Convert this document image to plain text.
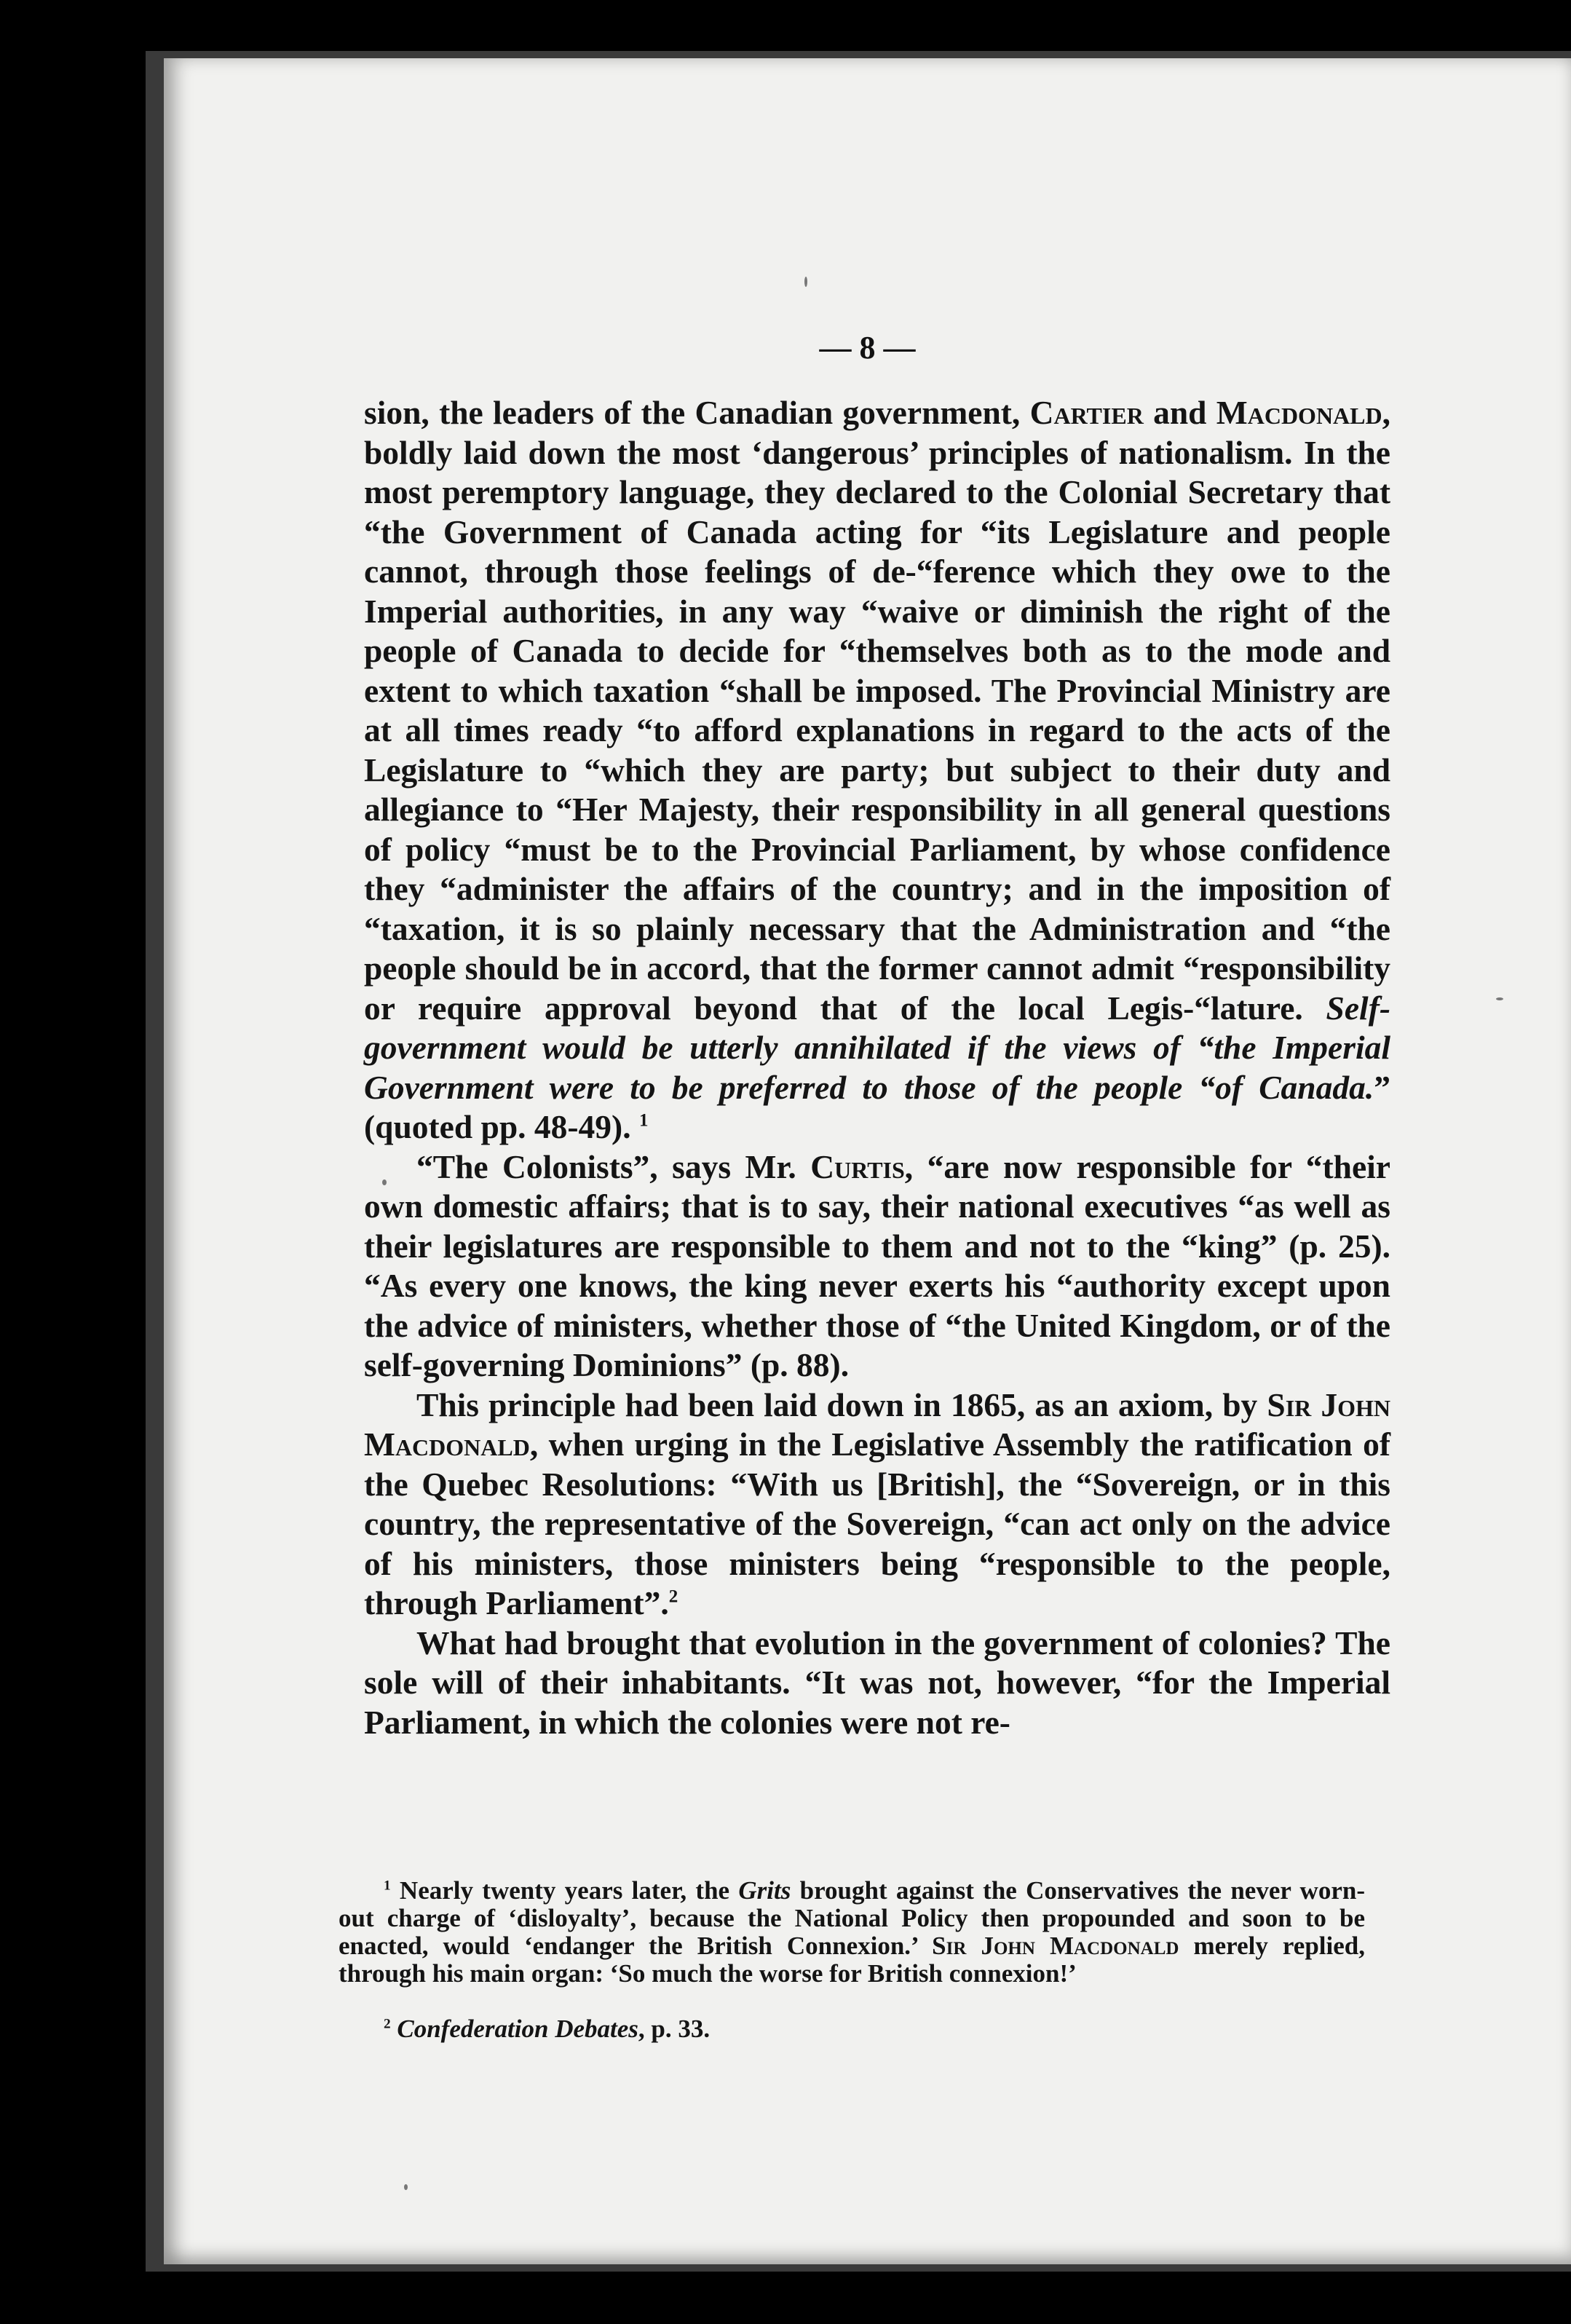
— 8 —

sion, the leaders of the Canadian government, Cartier and Macdonald, boldly laid down the most ‘dangerous’ principles of nationalism. In the most peremptory language, they declared to the Colonial Secretary that “the Government of Canada acting for “its Legislature and people cannot, through those feelings of de-“ference which they owe to the Imperial authorities, in any way “waive or diminish the right of the people of Canada to decide for “themselves both as to the mode and extent to which taxation “shall be imposed. The Provincial Ministry are at all times ready “to afford explanations in regard to the acts of the Legislature to “which they are party; but subject to their duty and allegiance to “Her Majesty, their responsibility in all general questions of policy “must be to the Provincial Parliament, by whose confidence they “administer the affairs of the country; and in the imposition of “taxation, it is so plainly necessary that the Administration and “the people should be in accord, that the former cannot admit “responsibility or require approval beyond that of the local Legis-“lature. Self-government would be utterly annihilated if the views of “the Imperial Government were to be preferred to those of the people “of Canada.” (quoted pp. 48-49). $^1$

“The Colonists”, says Mr. Curtis, “are now responsible for “their own domestic affairs; that is to say, their national executives “as well as their legislatures are responsible to them and not to the “king” (p. 25). “As every one knows, the king never exerts his “authority except upon the advice of ministers, whether those of “the United Kingdom, or of the self-governing Dominions” (p. 88).

This principle had been laid down in 1865, as an axiom, by Sir John Macdonald, when urging in the Legislative Assembly the ratification of the Quebec Resolutions: “With us [British], the “Sovereign, or in this country, the representative of the Sovereign, “can act only on the advice of his ministers, those ministers being “responsible to the people, through Parliament”.$^2$

What had brought that evolution in the government of colonies? The sole will of their inhabitants. “It was not, however, “for the Imperial Parliament, in which the colonies were not re-

$^1$ Nearly twenty years later, the Grits brought against the Conservatives the never worn-out charge of ‘disloyalty’, because the National Policy then propounded and soon to be enacted, would ‘endanger the British Connexion.’ Sir John Macdonald merely replied, through his main organ: ‘So much the worse for British connexion!’

$^2$ Confederation Debates, p. 33.
